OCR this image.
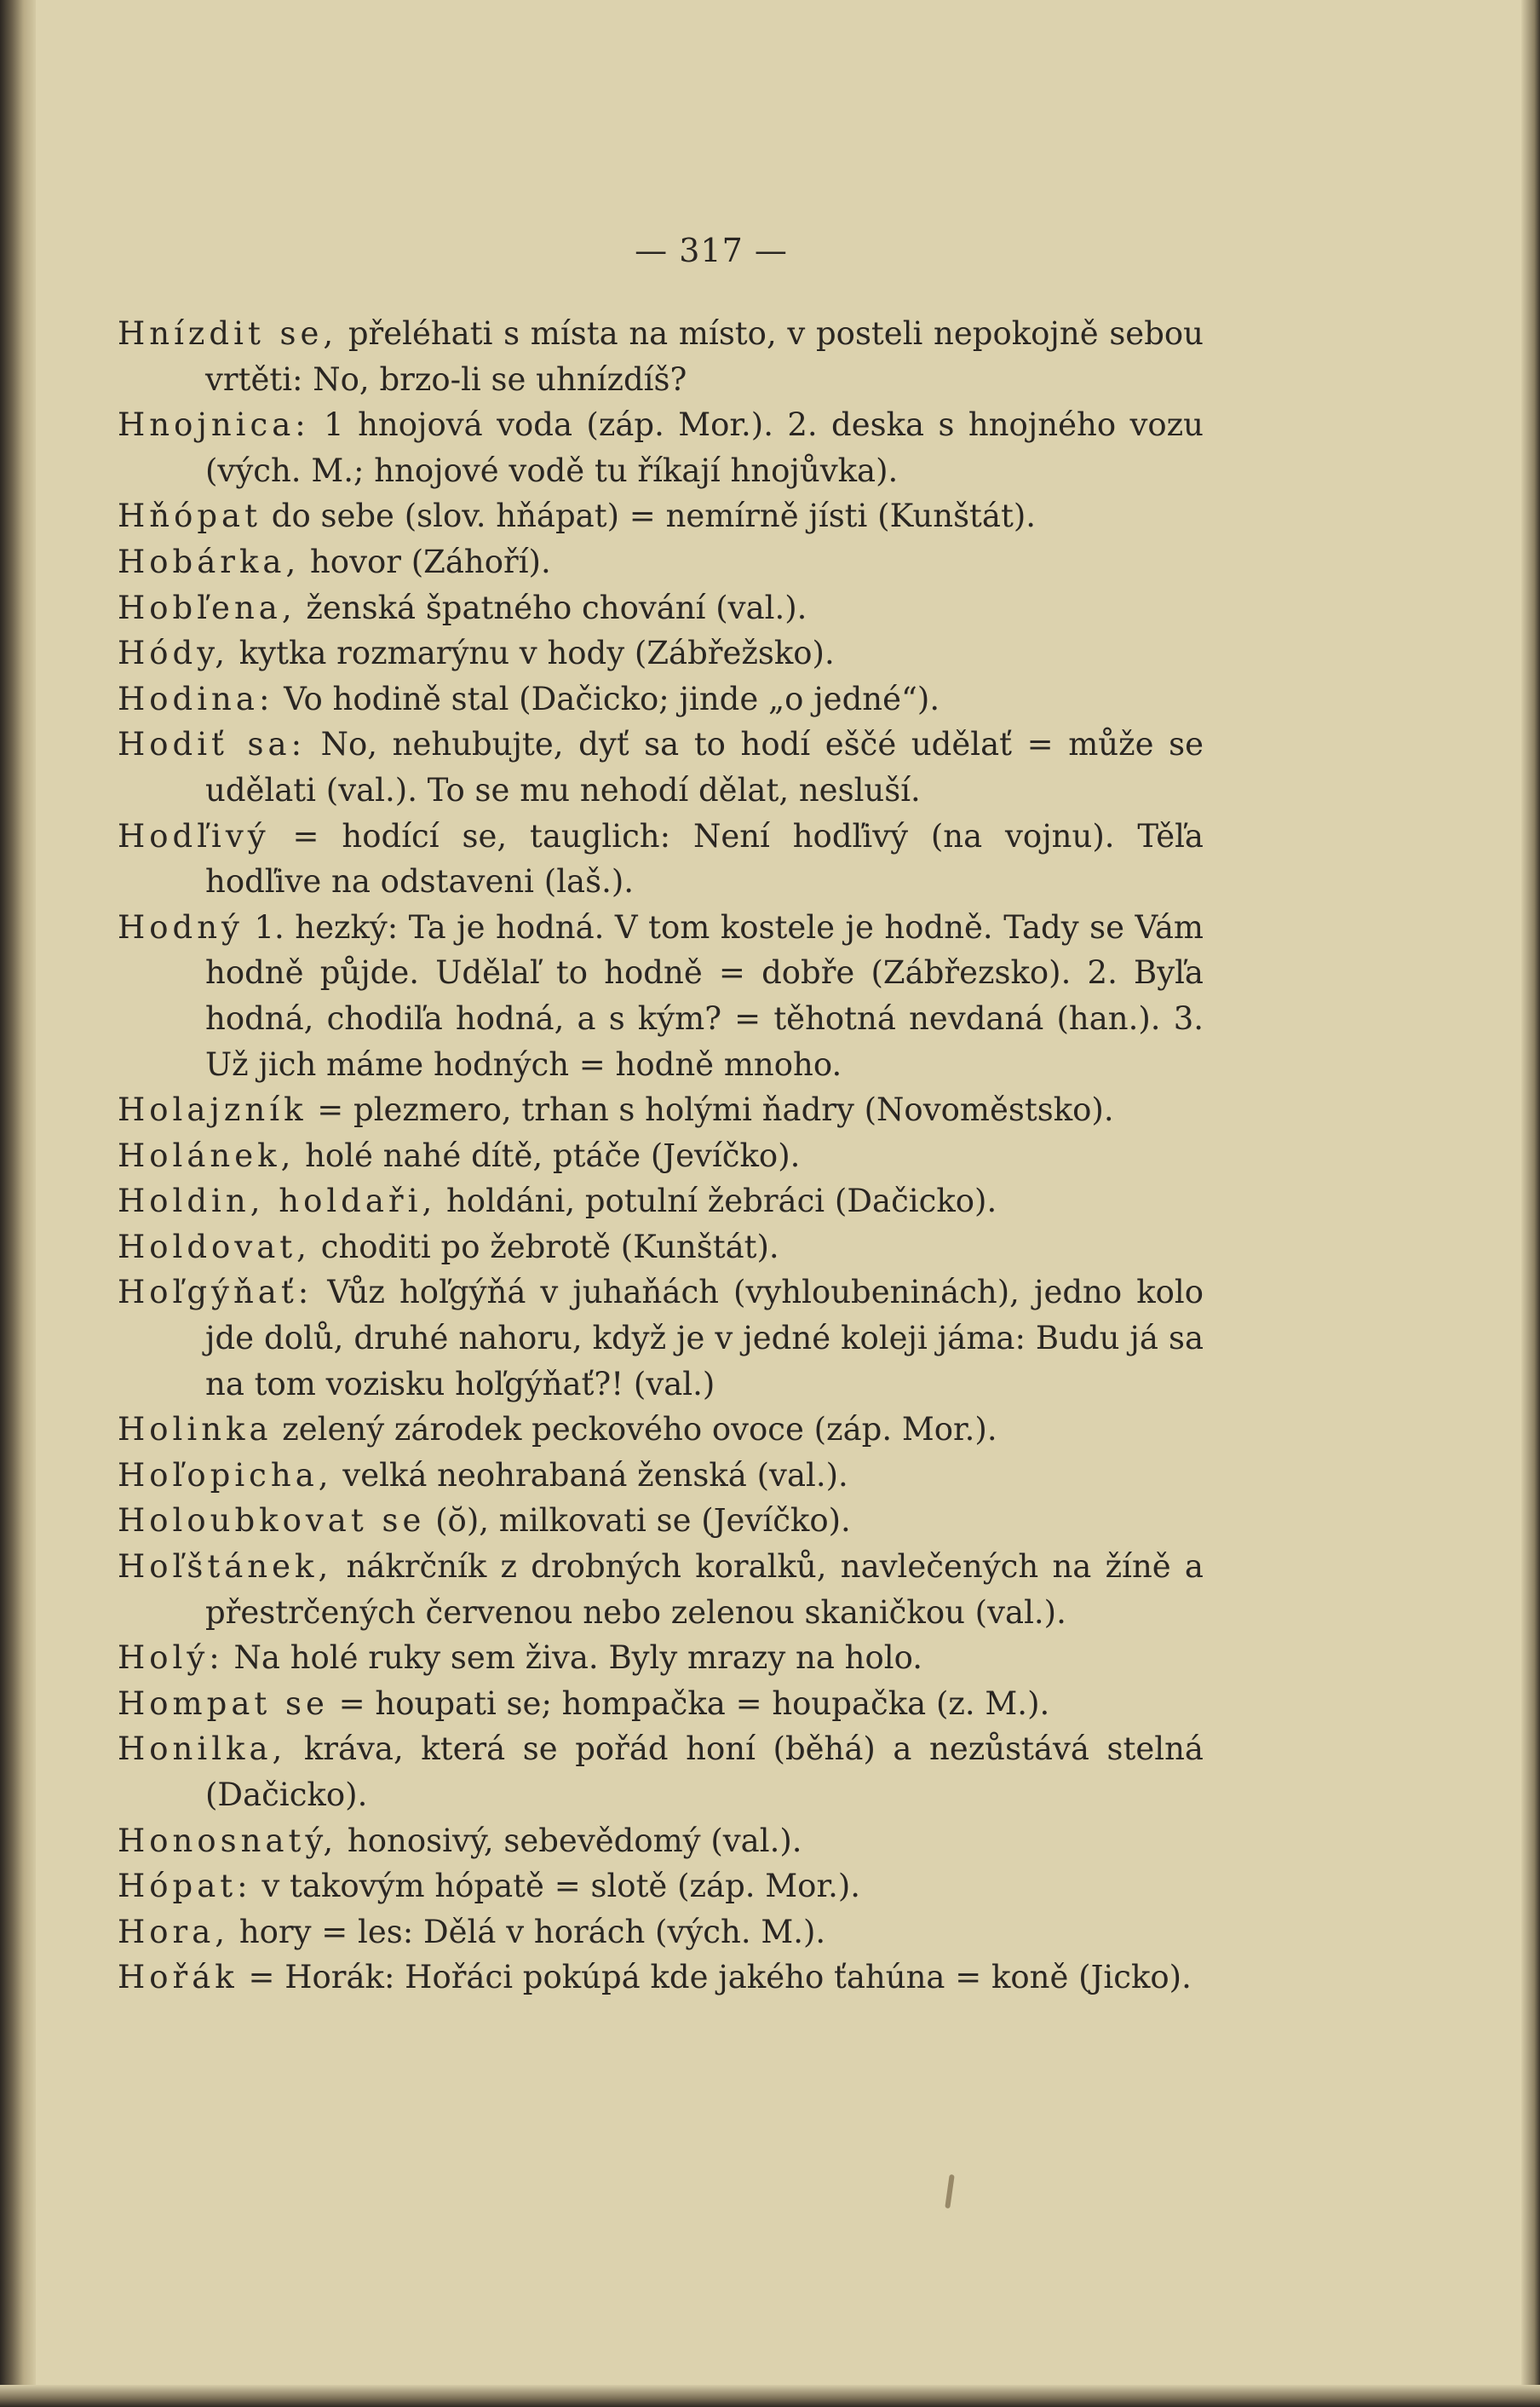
— 317 —

Hnízdit se, přeléhati s místa na místo, v posteli nepokojně sebou vrtěti: No, brzo-li se uhnízdíš?

Hnojnica: 1 hnojová voda (záp. Mor.). 2. deska s hnojného vozu (vých. M.; hnojové vodě tu říkají hnojůvka).

Hňópat do sebe (slov. hňápat) = nemírně jísti (Kunštát).

Hobárka, hovor (Záhoří).

Hobľena, ženská špatného chování (val.).

Hódy, kytka rozmarýnu v hody (Zábřežsko).

Hodina: Vo hodině stal (Dačicko; jinde „o jedné“).

Hodiť sa: No, nehubujte, dyť sa to hodí eščé udělať = může se udělati (val.). To se mu nehodí dělat, nesluší.

Hodľivý = hodící se, tauglich: Není hodľivý (na vojnu). Těľa hodľive na odstaveni (laš.).

Hodný 1. hezký: Ta je hodná. V tom kostele je hodně. Tady se Vám hodně půjde. Udělaľ to hodně = dobře (Zábřezsko). 2. Byľa hodná, chodiľa hodná, a s kým? = těhotná nevdaná (han.). 3. Už jich máme hodných = hodně mnoho.

Holajzník = plezmero, trhan s holými ňadry (Novoměstsko).

Holánek, holé nahé dítě, ptáče (Jevíčko).

Holdin, holdaři, holdáni, potulní žebráci (Dačicko).

Holdovat, choditi po žebrotě (Kunštát).

Hoľgýňať: Vůz hoľgýňá v juhaňách (vyhloubeninách), jedno kolo jde dolů, druhé nahoru, když je v jedné koleji jáma: Budu já sa na tom vozisku hoľgýňať?! (val.)

Holinka zelený zárodek peckového ovoce (záp. Mor.).

Hoľopicha, velká neohrabaná ženská (val.).

Holoubkovat se (ŏ), milkovati se (Jevíčko).

Hoľštánek, nákrčník z drobných koralků, navlečených na žíně a přestrčených červenou nebo zelenou skaničkou (val.).

Holý: Na holé ruky sem živa. Byly mrazy na holo.

Hompat se = houpati se; hompačka = houpačka (z. M.).

Honilka, kráva, která se pořád honí (běhá) a nezůstává stelná (Dačicko).

Honosnatý, honosivý, sebevědomý (val.).

Hópat: v takovým hópatě = slotě (záp. Mor.).

Hora, hory = les: Dělá v horách (vých. M.).

Hořák = Horák: Hořáci pokúpá kde jakého ťahúna = koně (Jicko).
